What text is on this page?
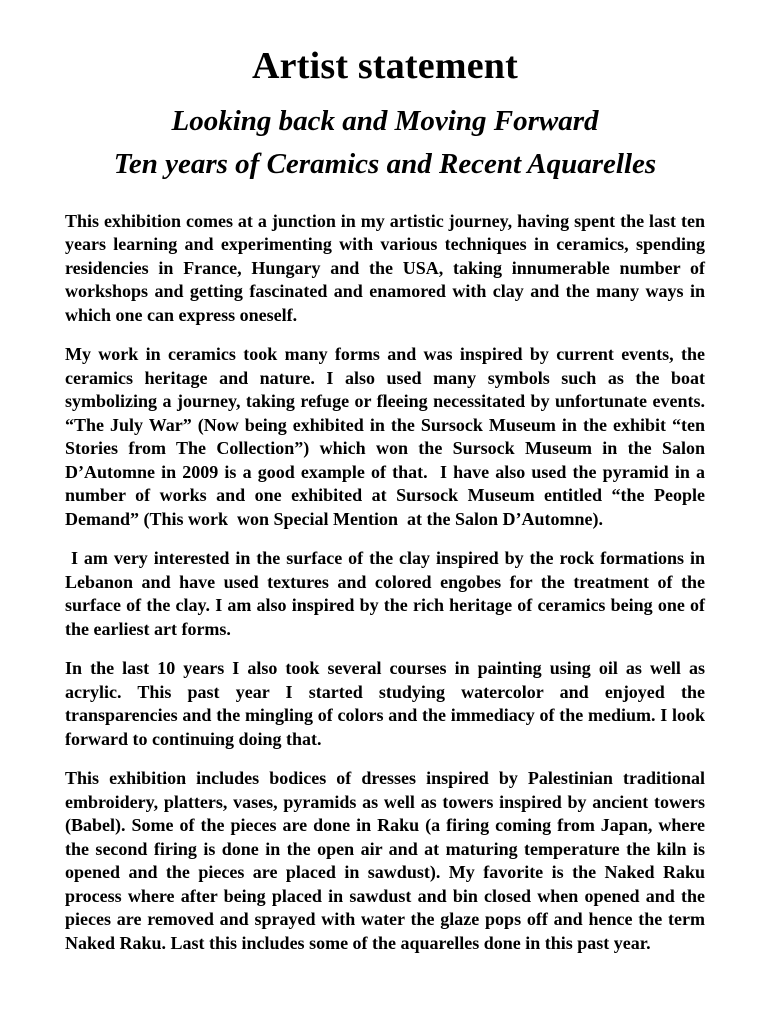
Artist statement
Looking back and Moving Forward
Ten years of Ceramics and Recent Aquarelles

This exhibition comes at a junction in my artistic journey, having spent the last ten years learning and experimenting with various techniques in ceramics, spending residencies in France, Hungary and the USA, taking innumerable number of workshops and getting fascinated and enamored with clay and the many ways in which one can express oneself.

My work in ceramics took many forms and was inspired by current events, the ceramics heritage and nature. I also used many symbols such as the boat symbolizing a journey, taking refuge or fleeing necessitated by unfortunate events. “The July War” (Now being exhibited in the Sursock Museum in the exhibit “ten Stories from The Collection”) which won the Sursock Museum in the Salon D’Automne in 2009 is a good example of that.  I have also used the pyramid in a number of works and one exhibited at Sursock Museum entitled “the People Demand” (This work  won Special Mention  at the Salon D’Automne).

I am very interested in the surface of the clay inspired by the rock formations in Lebanon and have used textures and colored engobes for the treatment of the surface of the clay. I am also inspired by the rich heritage of ceramics being one of the earliest art forms.

In the last 10 years I also took several courses in painting using oil as well as acrylic. This past year I started studying watercolor and enjoyed the transparencies and the mingling of colors and the immediacy of the medium. I look forward to continuing doing that.

This exhibition includes bodices of dresses inspired by Palestinian traditional embroidery, platters, vases, pyramids as well as towers inspired by ancient towers (Babel). Some of the pieces are done in Raku (a firing coming from Japan, where the second firing is done in the open air and at maturing temperature the kiln is opened and the pieces are placed in sawdust). My favorite is the Naked Raku process where after being placed in sawdust and bin closed when opened and the pieces are removed and sprayed with water the glaze pops off and hence the term Naked Raku. Last this includes some of the aquarelles done in this past year.
